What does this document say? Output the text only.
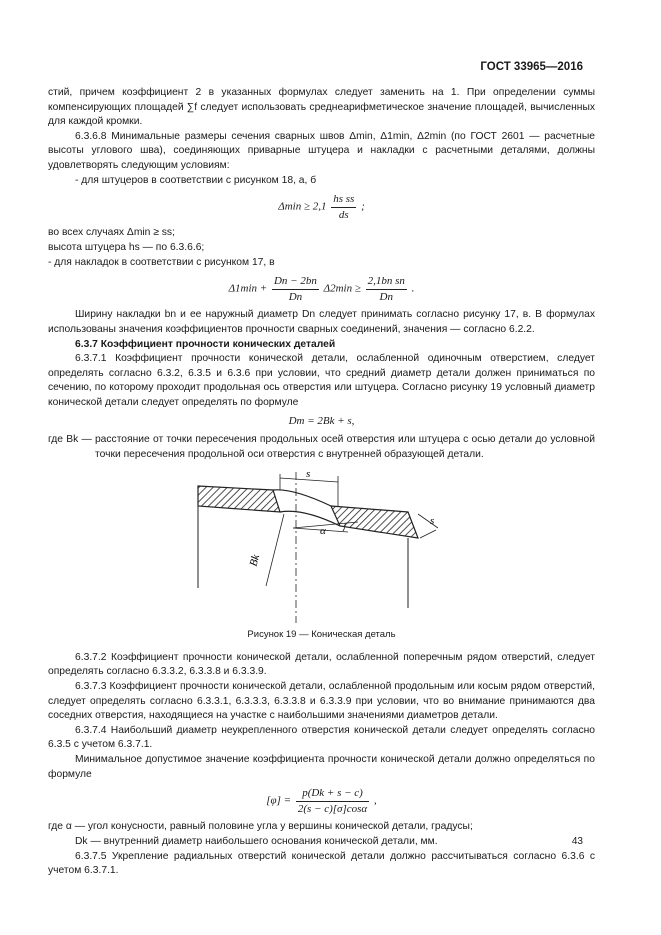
ГОСТ 33965—2016

стий, причем коэффициент 2 в указанных формулах следует заменить на 1. При определении суммы компенсирующих площадей ∑f следует использовать среднеарифметическое значение площадей, вычисленных для каждой кромки.

6.3.6.8 Минимальные размеры сечения сварных швов Δmin, Δ1min, Δ2min (по ГОСТ 2601 — расчетные высоты углового шва), соединяющих приварные штуцера и накладки с расчетными деталями, должны удовлетворять следующим условиям:

- для штуцеров в соответствии с рисунком 18, а, б

$\Delta\min \ge 2,1 \frac{\text{hs ss}}{ds}$ ;

во всех случаях Δmin ≥ ss;

высота штуцера hs — по 6.3.6.6;

- для накладок в соответствии с рисунком 17, в

$\Delta 1\min + \frac{Dn - 2bn}{Dn} \Delta 2\min \ge \frac{\text{2,1bn sn}}{Dn}$ .

Ширину накладки bn и ее наружный диаметр Dn следует принимать согласно рисунку 17, в. В формулах использованы значения коэффициентов прочности сварных соединений, значения — согласно 6.2.2.

6.3.7 Коэффициент прочности конических деталей

6.3.7.1 Коэффициент прочности конической детали, ослабленной одиночным отверстием, следует определять согласно 6.3.2, 6.3.5 и 6.3.6 при условии, что средний диаметр детали должен приниматься по сечению, по которому проходит продольная ось отверстия или штуцера. Согласно рисунку 19 условный диаметр конической детали следует определять по формуле

Dm = 2Bk + s,

где Bk — расстояние от точки пересечения продольных осей отверстия или штуцера с осью детали до условной точки пересечения продольной оси отверстия с внутренней образующей детали.

s
s
α
Bk
Рисунок 19 — Коническая деталь

6.3.7.2 Коэффициент прочности конической детали, ослабленной поперечным рядом отверстий, следует определять согласно 6.3.3.2, 6.3.3.8 и 6.3.3.9.

6.3.7.3 Коэффициент прочности конической детали, ослабленной продольным или косым рядом отверстий, следует определять согласно 6.3.3.1, 6.3.3.3, 6.3.3.8 и 6.3.3.9 при условии, что во внимание принимаются два соседних отверстия, находящиеся на участке с наибольшими значениями диаметров детали.

6.3.7.4 Наибольший диаметр неукрепленного отверстия конической детали следует определять согласно 6.3.5 с учетом 6.3.7.1.

Минимальное допустимое значение коэффициента прочности конической детали должно определяться по формуле

$[\varphi] = \frac{p(Dk + s - c)}{2(s - c)[\sigma]\cos\alpha}$ ,

где α — угол конусности, равный половине угла у вершины конической детали, градусы;

Dk — внутренний диаметр наибольшего основания конической детали, мм.

6.3.7.5 Укрепление радиальных отверстий конической детали должно рассчитываться согласно 6.3.6 с учетом 6.3.7.1.

43
